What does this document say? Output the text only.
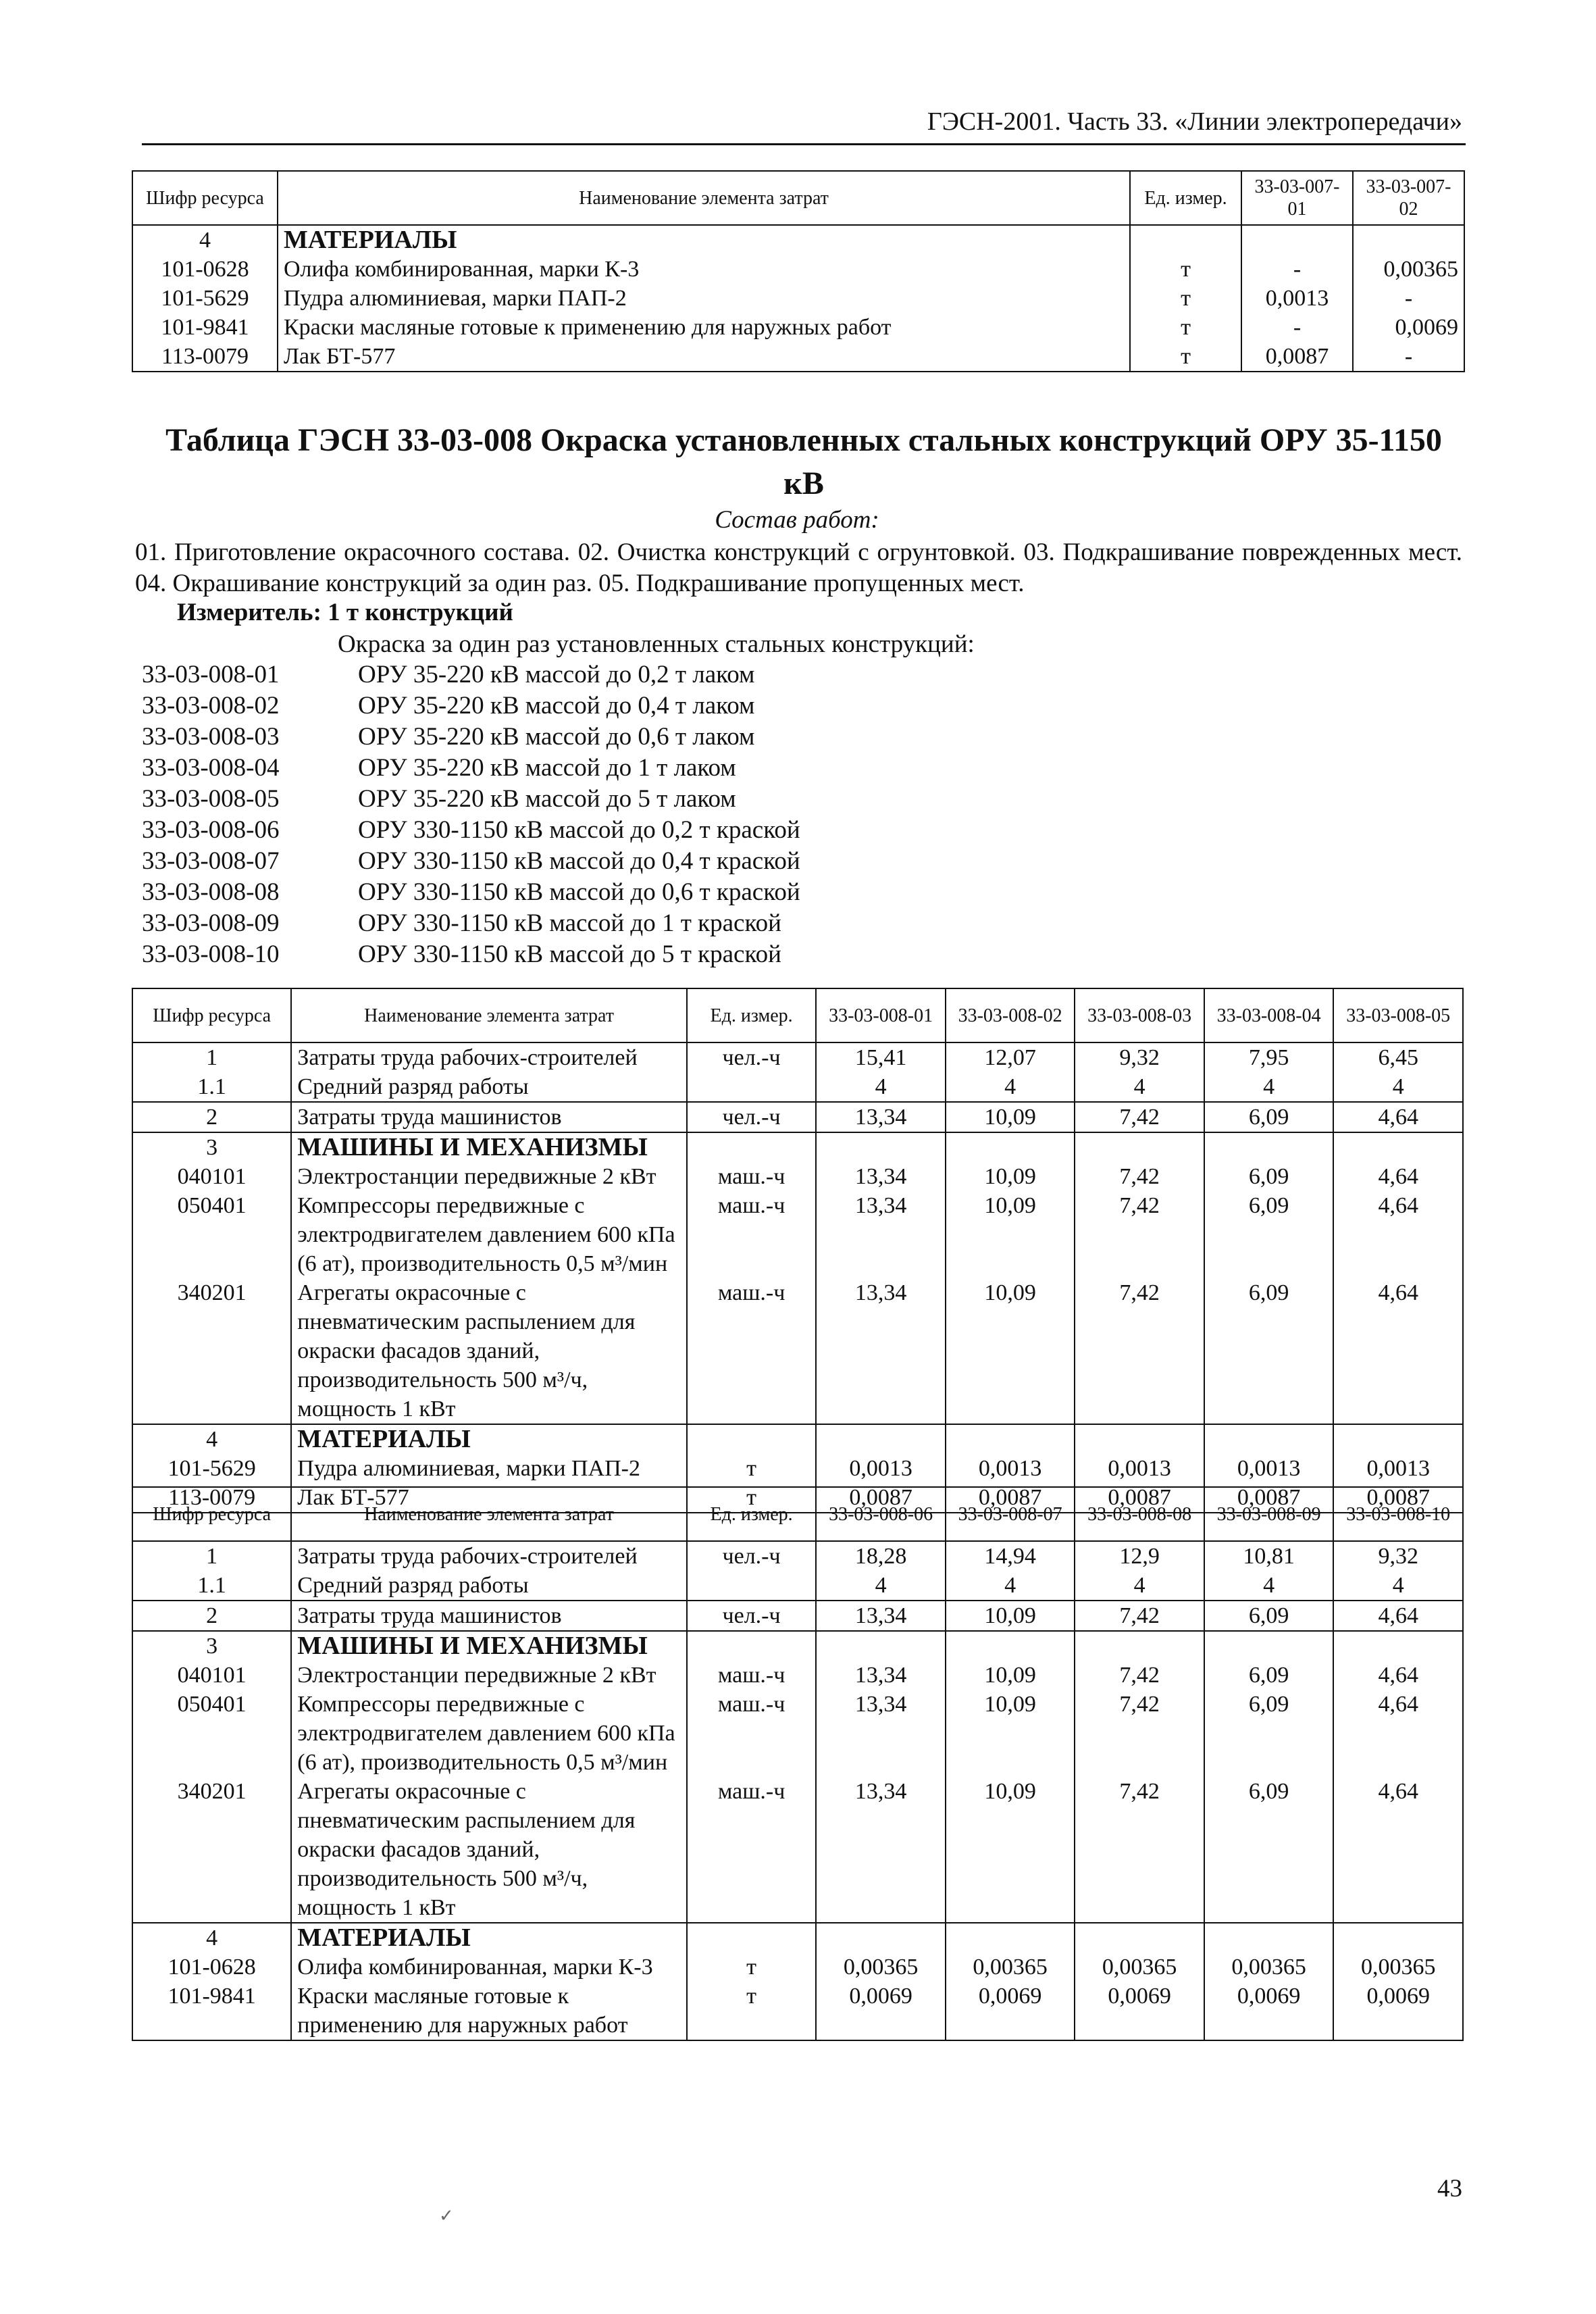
ГЭСН-2001. Часть 33. «Линии электропередачи»
Шифр ресурса	Наименование элемента затрат	Ед. измер.	33-03-007-01	33-03-007-02
4	МАТЕРИАЛЫ			
101-0628	Олифа комбинированная, марки К-3	т	-	0,00365
101-5629	Пудра алюминиевая, марки ПАП-2	т	0,0013	-
101-9841	Краски масляные готовые к применению для наружных работ	т	-	0,0069
113-0079	Лак БТ-577	т	0,0087	-
Таблица ГЭСН 33-03-008 Окраска установленных стальных конструкций ОРУ 35-1150 кВ
Состав работ:
01. Приготовление окрасочного состава. 02. Очистка конструкций с огрунтовкой. 03. Подкрашивание поврежденных мест. 04. Окрашивание конструкций за один раз. 05. Подкрашивание пропущенных мест.
Измеритель: 1 т конструкций
Окраска за один раз установленных стальных конструкций:
33-03-008-01	ОРУ 35-220 кВ массой до 0,2 т лаком
33-03-008-02	ОРУ 35-220 кВ массой до 0,4 т лаком
33-03-008-03	ОРУ 35-220 кВ массой до 0,6 т лаком
33-03-008-04	ОРУ 35-220 кВ массой до 1 т лаком
33-03-008-05	ОРУ 35-220 кВ массой до 5 т лаком
33-03-008-06	ОРУ 330-1150 кВ массой до 0,2 т краской
33-03-008-07	ОРУ 330-1150 кВ массой до 0,4 т краской
33-03-008-08	ОРУ 330-1150 кВ массой до 0,6 т краской
33-03-008-09	ОРУ 330-1150 кВ массой до 1 т краской
33-03-008-10	ОРУ 330-1150 кВ массой до 5 т краской
Шифр ресурса	Наименование элемента затрат	Ед. измер.	33-03-008-01	33-03-008-02	33-03-008-03	33-03-008-04	33-03-008-05
1	Затраты труда рабочих-строителей	чел.-ч	15,41	12,07	9,32	7,95	6,45
1.1	Средний разряд работы		4	4	4	4	4
2	Затраты труда машинистов	чел.-ч	13,34	10,09	7,42	6,09	4,64
3	МАШИНЫ И МЕХАНИЗМЫ						
040101	Электростанции передвижные 2 кВт	маш.-ч	13,34	10,09	7,42	6,09	4,64
050401	Компрессоры передвижные с электродвигателем давлением 600 кПа (6 ат), производительность 0,5 м³/мин	маш.-ч	13,34	10,09	7,42	6,09	4,64
340201	Агрегаты окрасочные с пневматическим распылением для окраски фасадов зданий, производительность 500 м³/ч, мощность 1 кВт	маш.-ч	13,34	10,09	7,42	6,09	4,64
4	МАТЕРИАЛЫ						
101-5629	Пудра алюминиевая, марки ПАП-2	т	0,0013	0,0013	0,0013	0,0013	0,0013
113-0079	Лак БТ-577	т	0,0087	0,0087	0,0087	0,0087	0,0087
Шифр ресурса	Наименование элемента затрат	Ед. измер.	33-03-008-06	33-03-008-07	33-03-008-08	33-03-008-09	33-03-008-10
1	Затраты труда рабочих-строителей	чел.-ч	18,28	14,94	12,9	10,81	9,32
1.1	Средний разряд работы		4	4	4	4	4
2	Затраты труда машинистов	чел.-ч	13,34	10,09	7,42	6,09	4,64
3	МАШИНЫ И МЕХАНИЗМЫ						
040101	Электростанции передвижные 2 кВт	маш.-ч	13,34	10,09	7,42	6,09	4,64
050401	Компрессоры передвижные с электродвигателем давлением 600 кПа (6 ат), производительность 0,5 м³/мин	маш.-ч	13,34	10,09	7,42	6,09	4,64
340201	Агрегаты окрасочные с пневматическим распылением для окраски фасадов зданий, производительность 500 м³/ч, мощность 1 кВт	маш.-ч	13,34	10,09	7,42	6,09	4,64
4	МАТЕРИАЛЫ						
101-0628	Олифа комбинированная, марки К-3	т	0,00365	0,00365	0,00365	0,00365	0,00365
101-9841	Краски масляные готовые к применению для наружных работ	т	0,0069	0,0069	0,0069	0,0069	0,0069
43
✓
